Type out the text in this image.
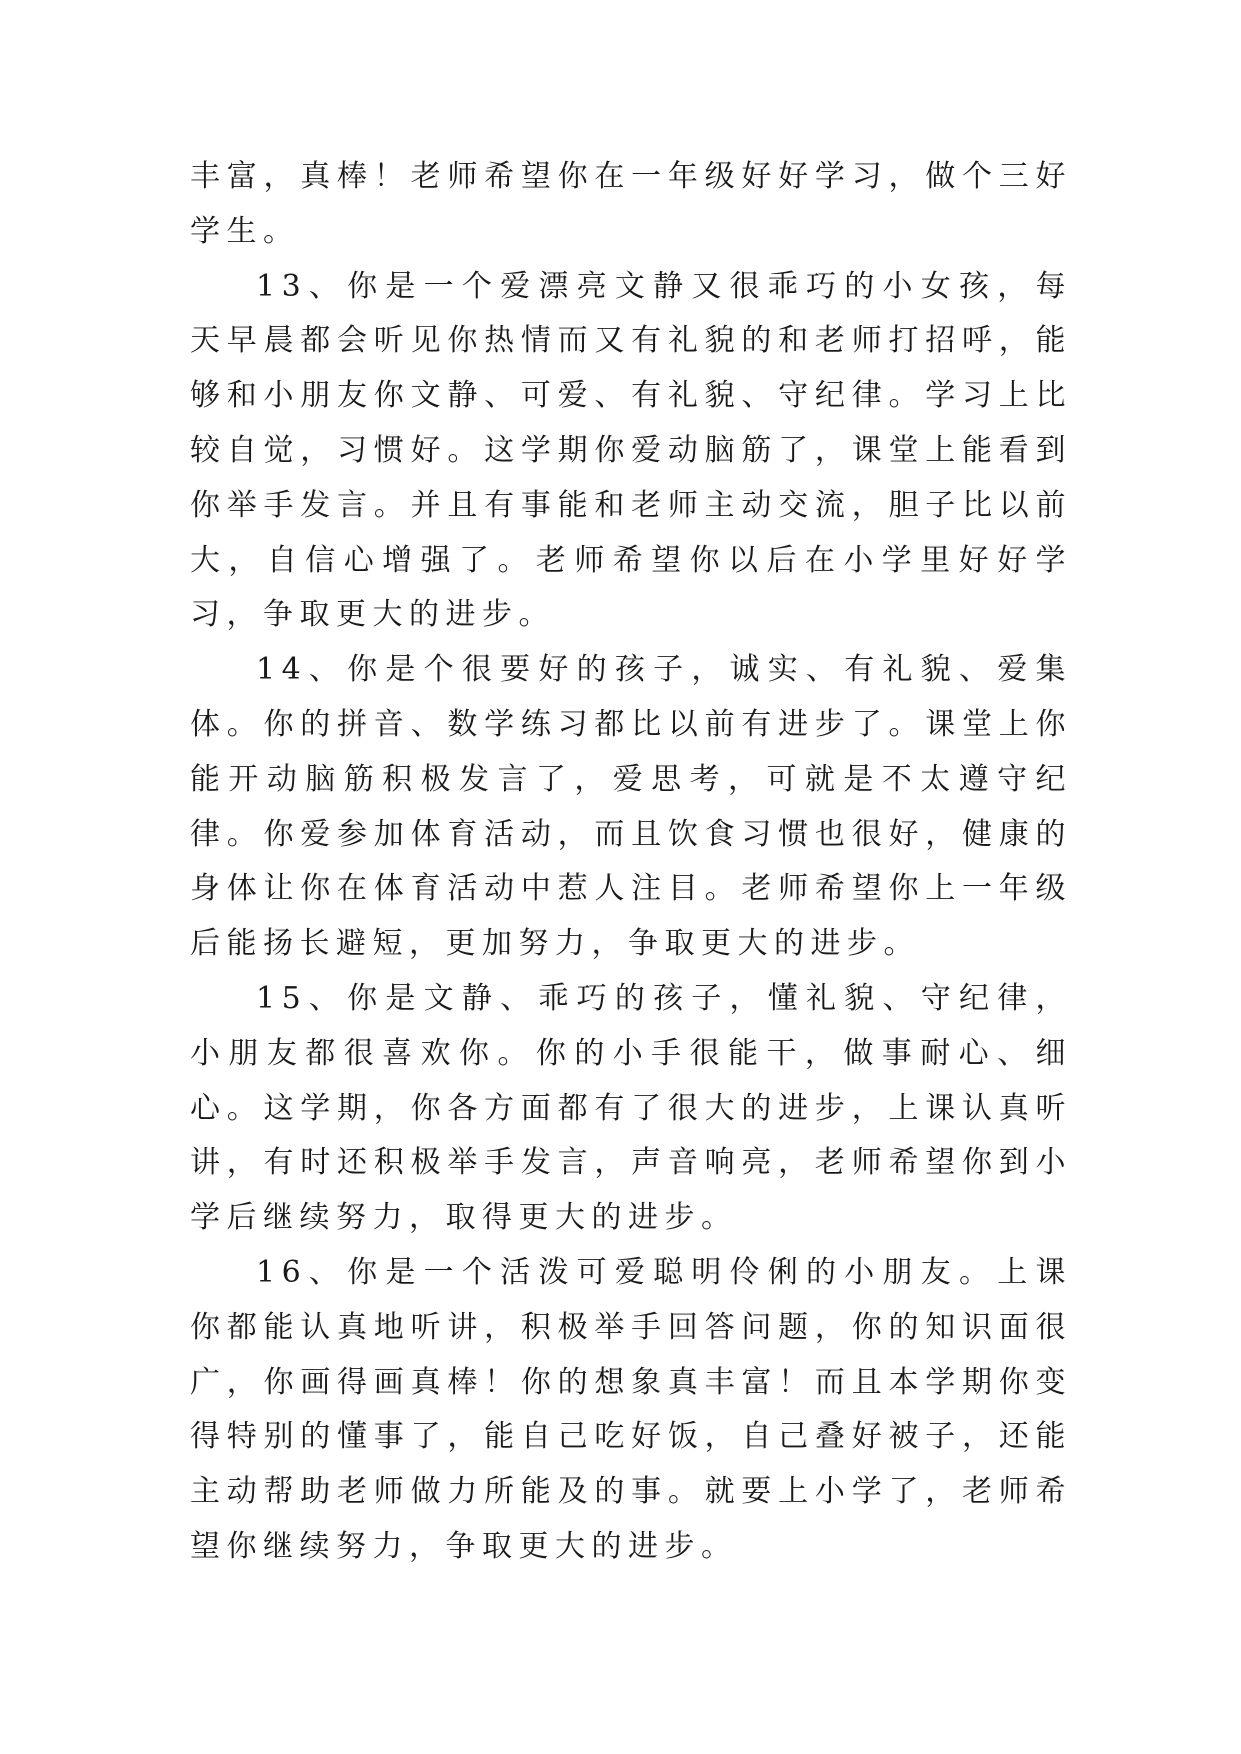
丰富，真棒！老师希望你在一年级好好学习，做个三好学生。

13、你是一个爱漂亮文静又很乖巧的小女孩，每天早晨都会听见你热情而又有礼貌的和老师打招呼，能够和小朋友你文静、可爱、有礼貌、守纪律。学习上比较自觉，习惯好。这学期你爱动脑筋了，课堂上能看到你举手发言。并且有事能和老师主动交流，胆子比以前大，自信心增强了。老师希望你以后在小学里好好学习，争取更大的进步。

14、你是个很要好的孩子，诚实、有礼貌、爱集体。你的拼音、数学练习都比以前有进步了。课堂上你能开动脑筋积极发言了，爱思考，可就是不太遵守纪律。你爱参加体育活动，而且饮食习惯也很好，健康的身体让你在体育活动中惹人注目。老师希望你上一年级后能扬长避短，更加努力，争取更大的进步。

15、你是文静、乖巧的孩子，懂礼貌、守纪律，小朋友都很喜欢你。你的小手很能干，做事耐心、细心。这学期，你各方面都有了很大的进步，上课认真听讲，有时还积极举手发言，声音响亮，老师希望你到小学后继续努力，取得更大的进步。

16、你是一个活泼可爱聪明伶俐的小朋友。上课你都能认真地听讲，积极举手回答问题，你的知识面很广，你画得画真棒！你的想象真丰富！而且本学期你变得特别的懂事了，能自己吃好饭，自己叠好被子，还能主动帮助老师做力所能及的事。就要上小学了，老师希望你继续努力，争取更大的进步。
